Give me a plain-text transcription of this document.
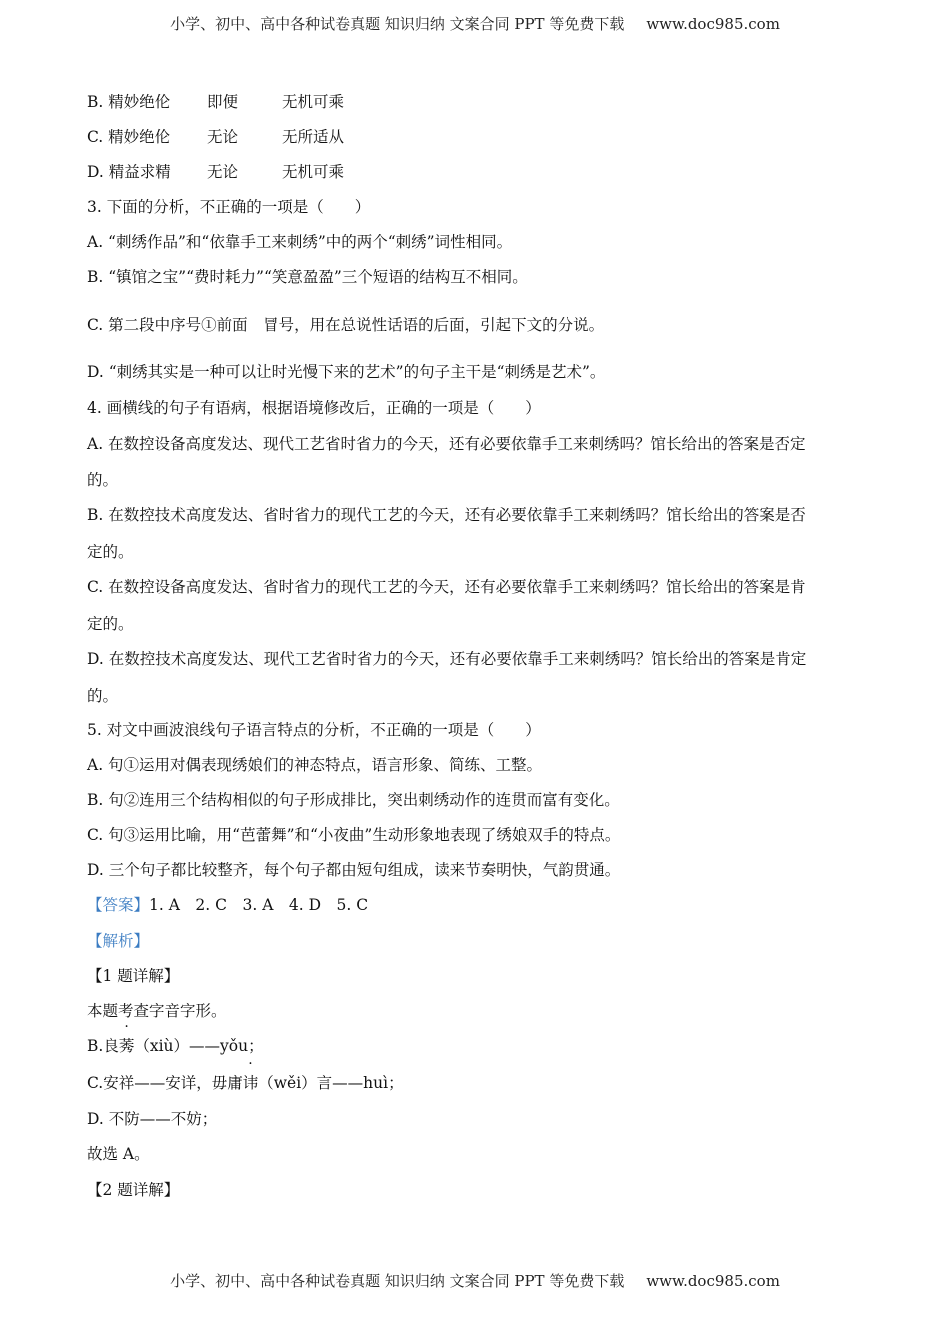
小学、初中、高中各种试卷真题 知识归纳 文案合同 PPT 等免费下载 www.doc985.com
B. 精妙绝伦 即便	无机可乘
C. 精妙绝伦 无论	无所适从
D. 精益求精 无论	无机可乘
3. 下面的分析，不正确的一项是（　　）
A. “刺绣作品”和“依靠手工来刺绣”中的两个“刺绣”词性相同。
B. “镇馆之宝”“费时耗力”“笑意盈盈”三个短语的结构互不相同。
C. 第二段中序号①前面　冒号，用在总说性话语的后面，引起下文的分说。
D. “刺绣其实是一种可以让时光慢下来的艺术”的句子主干是“刺绣是艺术”。
4. 画横线的句子有语病，根据语境修改后，正确的一项是（　　）
A. 在数控设备高度发达、现代工艺省时省力的今天，还有必要依靠手工来刺绣吗？馆长给出的答案是否定
的。
B. 在数控技术高度发达、省时省力的现代工艺的今天，还有必要依靠手工来刺绣吗？馆长给出的答案是否
定的。
C. 在数控设备高度发达、省时省力的现代工艺的今天，还有必要依靠手工来刺绣吗？馆长给出的答案是肯
定的。
D. 在数控技术高度发达、现代工艺省时省力的今天，还有必要依靠手工来刺绣吗？馆长给出的答案是肯定
的。
5. 对文中画波浪线句子语言特点的分析，不正确的一项是（　　）
A. 句①运用对偶表现绣娘们的神态特点，语言形象、简练、工整。
B. 句②连用三个结构相似的句子形成排比，突出刺绣动作的连贯而富有变化。
C. 句③运用比喻，用“芭蕾舞”和“小夜曲”生动形象地表现了绣娘双手的特点。
D. 三个句子都比较整齐，每个句子都由短句组成，读来节奏明快，气韵贯通。
【答案】1. A　2. C　3. A　4. D　5. C
【解析】
【1 题详解】
本题考查字音字形。
B.良莠（xiù）——yǒu；
C.安祥——安详，毋庸讳（wěi）言——huì；
D. 不防——不妨；
故选 A。
【2 题详解】
小学、初中、高中各种试卷真题 知识归纳 文案合同 PPT 等免费下载 www.doc985.com
